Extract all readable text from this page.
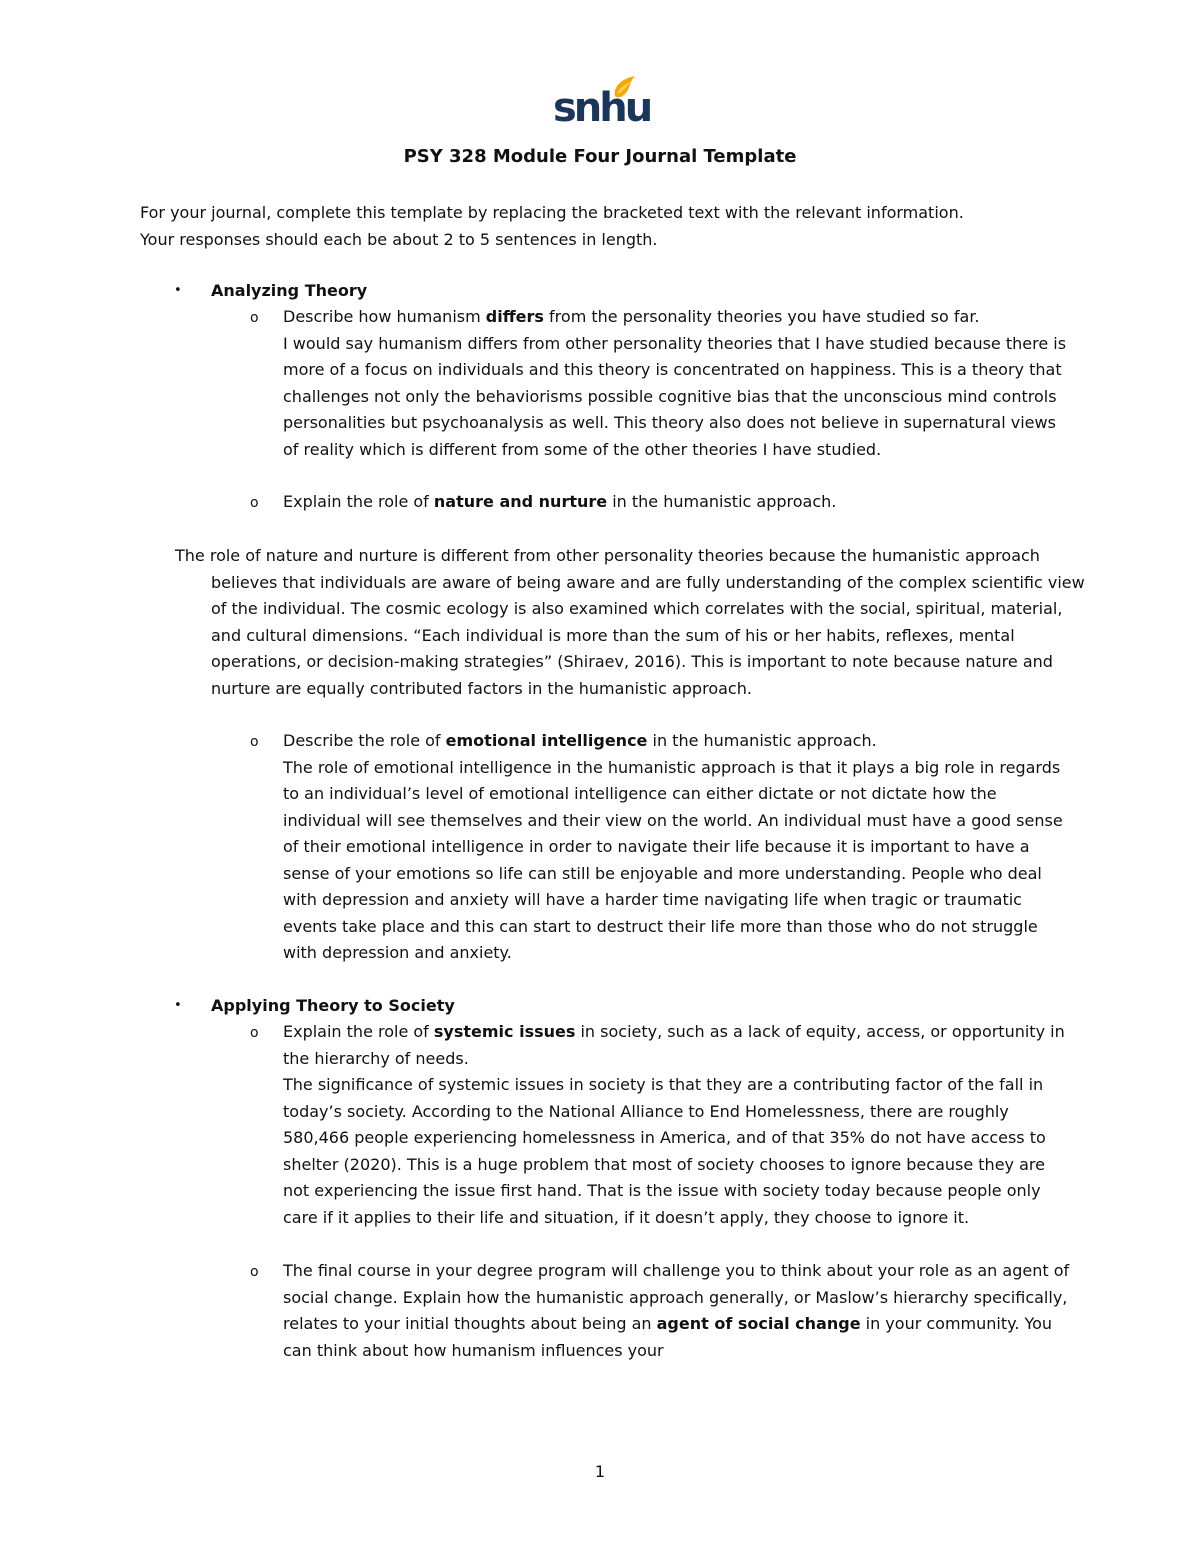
snhu
PSY 328 Module Four Journal Template
For your journal, complete this template by replacing the bracketed text with the relevant information.
Your responses should each be about 2 to 5 sentences in length.
• Analyzing Theory
o Describe how humanism differs from the personality theories you have studied so far.
I would say humanism differs from other personality theories that I have studied because there is more of a focus on individuals and this theory is concentrated on happiness. This is a theory that challenges not only the behaviorisms possible cognitive bias that the unconscious mind controls personalities but psychoanalysis as well. This theory also does not believe in supernatural views of reality which is different from some of the other theories I have studied.
o Explain the role of nature and nurture in the humanistic approach.
The role of nature and nurture is different from other personality theories because the humanistic approach believes that individuals are aware of being aware and are fully understanding of the complex scientific view of the individual. The cosmic ecology is also examined which correlates with the social, spiritual, material, and cultural dimensions. “Each individual is more than the sum of his or her habits, reflexes, mental operations, or decision-making strategies” (Shiraev, 2016). This is important to note because nature and nurture are equally contributed factors in the humanistic approach.
o Describe the role of emotional intelligence in the humanistic approach.
The role of emotional intelligence in the humanistic approach is that it plays a big role in regards to an individual’s level of emotional intelligence can either dictate or not dictate how the individual will see themselves and their view on the world. An individual must have a good sense of their emotional intelligence in order to navigate their life because it is important to have a sense of your emotions so life can still be enjoyable and more understanding. People who deal with depression and anxiety will have a harder time navigating life when tragic or traumatic events take place and this can start to destruct their life more than those who do not struggle with depression and anxiety.
• Applying Theory to Society
o Explain the role of systemic issues in society, such as a lack of equity, access, or opportunity in the hierarchy of needs.
The significance of systemic issues in society is that they are a contributing factor of the fall in today’s society. According to the National Alliance to End Homelessness, there are roughly 580,466 people experiencing homelessness in America, and of that 35% do not have access to shelter (2020). This is a huge problem that most of society chooses to ignore because they are not experiencing the issue first hand. That is the issue with society today because people only care if it applies to their life and situation, if it doesn’t apply, they choose to ignore it.
o The final course in your degree program will challenge you to think about your role as an agent of social change. Explain how the humanistic approach generally, or Maslow’s hierarchy specifically, relates to your initial thoughts about being an agent of social change in your community. You can think about how humanism influences your
1
